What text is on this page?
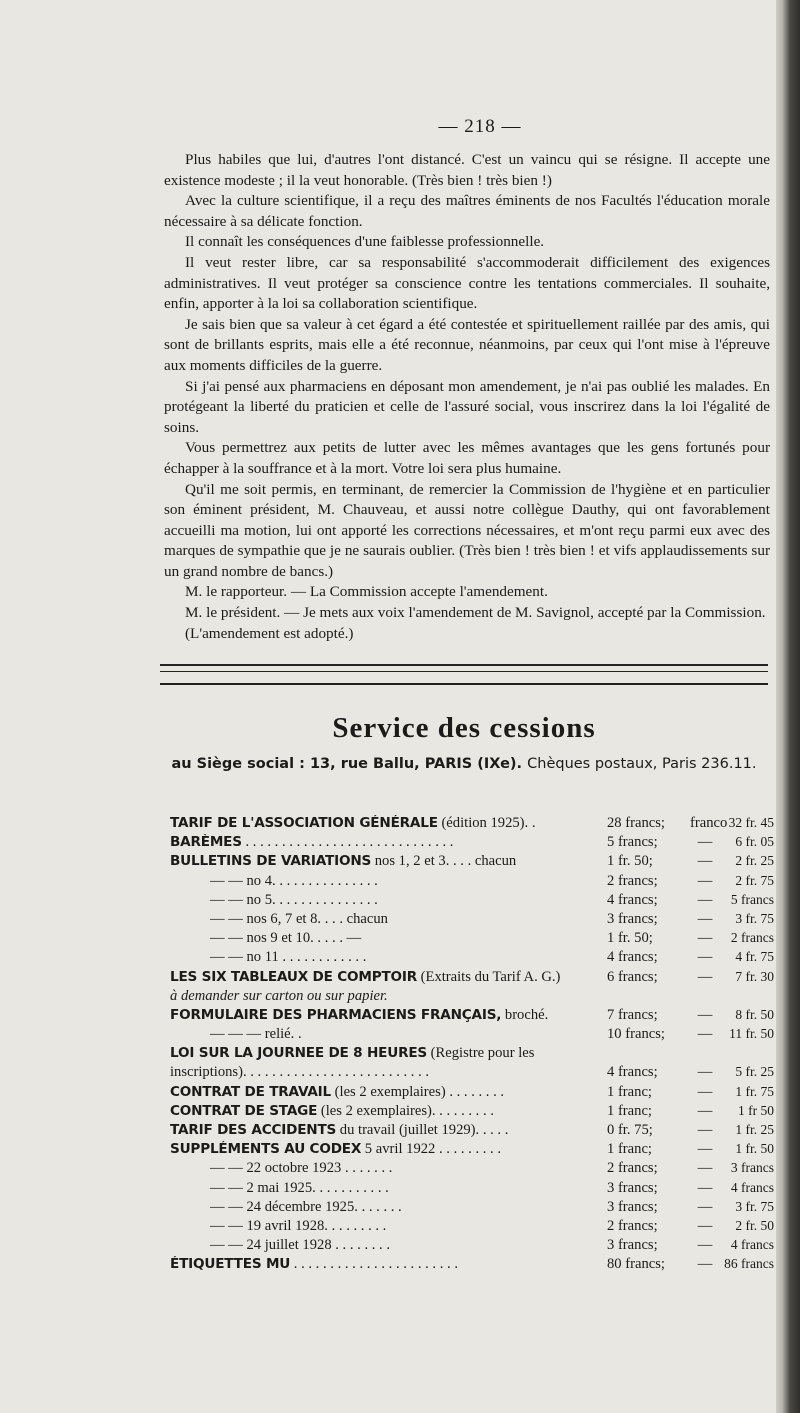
— 218 —

Plus habiles que lui, d'autres l'ont distancé. C'est un vaincu qui se résigne. Il accepte une existence modeste ; il la veut honorable. (Très bien ! très bien !)

Avec la culture scientifique, il a reçu des maîtres éminents de nos Facultés l'éducation morale nécessaire à sa délicate fonction.

Il connaît les conséquences d'une faiblesse professionnelle.

Il veut rester libre, car sa responsabilité s'accommoderait difficilement des exigences administratives. Il veut protéger sa conscience contre les tentations commerciales. Il souhaite, enfin, apporter à la loi sa collaboration scientifique.

Je sais bien que sa valeur à cet égard a été contestée et spirituellement raillée par des amis, qui sont de brillants esprits, mais elle a été reconnue, néanmoins, par ceux qui l'ont mise à l'épreuve aux moments difficiles de la guerre.

Si j'ai pensé aux pharmaciens en déposant mon amendement, je n'ai pas oublié les malades. En protégeant la liberté du praticien et celle de l'assuré social, vous inscrirez dans la loi l'égalité de soins.

Vous permettrez aux petits de lutter avec les mêmes avantages que les gens fortunés pour échapper à la souffrance et à la mort. Votre loi sera plus humaine.

Qu'il me soit permis, en terminant, de remercier la Commission de l'hygiène et en particulier son éminent président, M. Chauveau, et aussi notre collègue Dauthy, qui ont favorablement accueilli ma motion, lui ont apporté les corrections nécessaires, et m'ont reçu parmi eux avec des marques de sympathie que je ne saurais oublier. (Très bien ! très bien ! et vifs applaudissements sur un grand nombre de bancs.)

M. le rapporteur. — La Commission accepte l'amendement.

M. le président. — Je mets aux voix l'amendement de M. Savignol, accepté par la Commission.

(L'amendement est adopté.)

Service des cessions
au Siège social : 13, rue Ballu, PARIS (IXe). Chèques postaux, Paris 236.11.
TARIF DE L'ASSOCIATION GÉNÉRALE (édition 1925). .	28 francs;	franco 32 fr. 45
BARÈMES . . . . . . . . . . . . . . . . . . . . . . . . . . . . .	5 francs;	—	6 fr. 05
BULLETINS DE VARIATIONS nos 1, 2 et 3. . . . chacun	1 fr. 50;	—	2 fr. 25
— — no 4. . . . . . . . . . . . . . .	2 francs;	—	2 fr. 75
— — no 5. . . . . . . . . . . . . . .	4 francs;	—	5 francs
— — nos 6, 7 et 8. . . . chacun	3 francs;	—	3 fr. 75
— — nos 9 et 10. . . . . —	1 fr. 50;	—	2 francs
— — no 11 . . . . . . . . . . . .	4 francs;	—	4 fr. 75
LES SIX TABLEAUX DE COMPTOIR (Extraits du Tarif A. G.)	6 francs;	—	7 fr. 30
à demander sur carton ou sur papier.
FORMULAIRE DES PHARMACIENS FRANÇAIS, broché.	7 francs;	—	8 fr. 50
— — — relié. .	10 francs;	—	11 fr. 50
LOI SUR LA JOURNEE DE 8 HEURES (Registre pour les
inscriptions). . . . . . . . . . . . . . . . . . . . . . . . . .	4 francs;	—	5 fr. 25
CONTRAT DE TRAVAIL (les 2 exemplaires) . . . . . . . .	1 franc;	—	1 fr. 75
CONTRAT DE STAGE (les 2 exemplaires). . . . . . . . .	1 franc;	—	1 fr 50
TARIF DES ACCIDENTS du travail (juillet 1929). . . . .	0 fr. 75;	—	1 fr. 25
SUPPLÉMENTS AU CODEX 5 avril 1922 . . . . . . . . .	1 franc;	—	1 fr. 50
— — 22 octobre 1923 . . . . . . .	2 francs;	—	3 francs
— — 2 mai 1925. . . . . . . . . . .	3 francs;	—	4 francs
— — 24 décembre 1925. . . . . . .	3 francs;	—	3 fr. 75
— — 19 avril 1928. . . . . . . . .	2 francs;	—	2 fr. 50
— — 24 juillet 1928 . . . . . . . .	3 francs;	—	4 francs
ÉTIQUETTES MU . . . . . . . . . . . . . . . . . . . . . . .	80 francs;	— 86 francs
